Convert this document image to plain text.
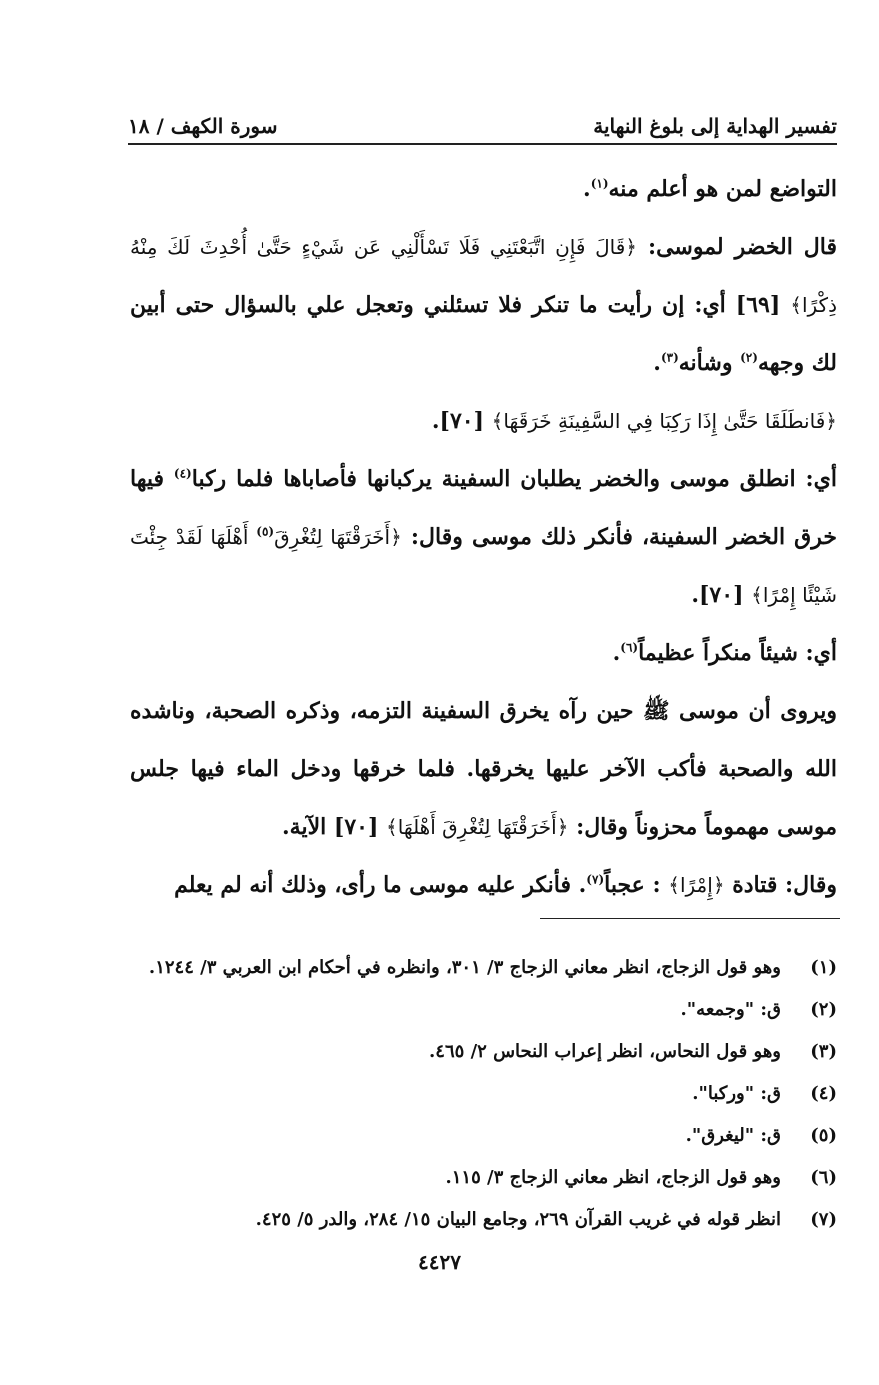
تفسير الهداية إلى بلوغ النهاية
سورة الكهف / ١٨

التواضع لمن هو أعلم منه$^{(١)}$.

قال الخضر لموسى: ﴿قَالَ فَإِنِ اتَّبَعْتَنِي فَلَا تَسْأَلْنِي عَن شَيْءٍ حَتَّىٰ أُحْدِثَ لَكَ مِنْهُ ذِكْرًا﴾ [٦٩] أي: إن رأيت ما تنكر فلا تسئلني وتعجل علي بالسؤال حتى أبين لك وجهه$^{(٢)}$ وشأنه$^{(٣)}$.

﴿فَانطَلَقَا حَتَّىٰ إِذَا رَكِبَا فِي السَّفِينَةِ خَرَقَهَا﴾ [٧٠].

أي: انطلق موسى والخضر يطلبان السفينة يركبانها فأصاباها فلما ركبا$^{(٤)}$ فيها خرق الخضر السفينة، فأنكر ذلك موسى وقال: ﴿أَخَرَقْتَهَا لِتُغْرِقَ$^{(٥)}$ أَهْلَهَا لَقَدْ جِئْتَ شَيْئًا إِمْرًا﴾ [٧٠].

أي: شيئاً منكراً عظيماً$^{(٦)}$.

ويروى أن موسى ﷺ حين رآه يخرق السفينة التزمه، وذكره الصحبة، وناشده الله والصحبة فأكب الآخر عليها يخرقها. فلما خرقها ودخل الماء فيها جلس موسى مهموماً محزوناً وقال: ﴿أَخَرَقْتَهَا لِتُغْرِقَ أَهْلَهَا﴾ [٧٠] الآية.

وقال: قتادة ﴿إِمْرًا﴾ : عجباً$^{(٧)}$. فأنكر عليه موسى ما رأى، وذلك أنه لم يعلم

(١)
وهو قول الزجاج، انظر معاني الزجاج ٣/ ٣٠١، وانظره في أحكام ابن العربي ٣/ ١٢٤٤.
(٢)
ق: "وجمعه".
(٣)
وهو قول النحاس، انظر إعراب النحاس ٢/ ٤٦٥.
(٤)
ق: "وركبا".
(٥)
ق: "ليغرق".
(٦)
وهو قول الزجاج، انظر معاني الزجاج ٣/ ١١٥.
(٧)
انظر قوله في غريب القرآن ٢٦٩، وجامع البيان ١٥/ ٢٨٤، والدر ٥/ ٤٢٥.
٤٤٢٧
